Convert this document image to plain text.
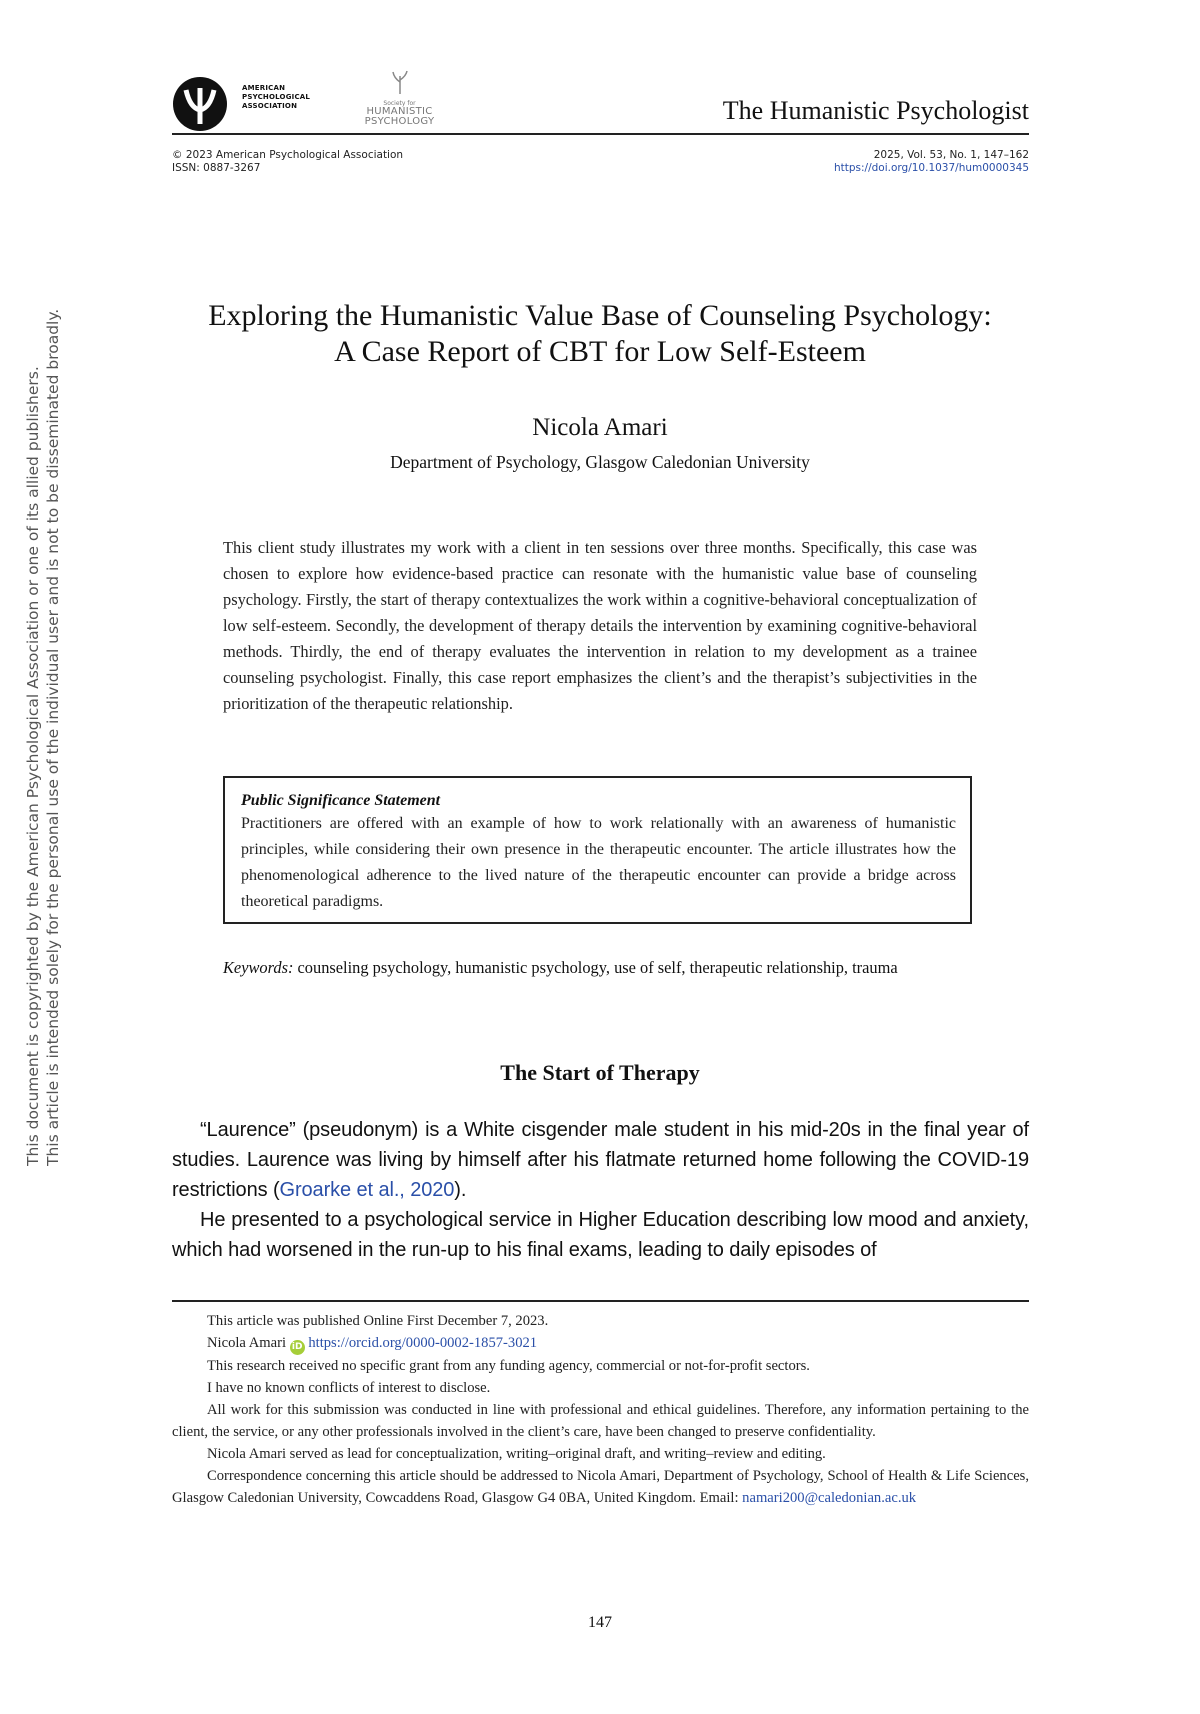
This document is copyrighted by the American Psychological Association or one of its allied publishers. This article is intended solely for the personal use of the individual user and is not to be disseminated broadly.
AMERICAN
PSYCHOLOGICAL
ASSOCIATION	Society for
HUMANISTIC
PSYCHOLOGY	The Humanistic Psychologist
© 2023 American Psychological Association
ISSN: 0887-3267
2025, Vol. 53, No. 1, 147–162
https://doi.org/10.1037/hum0000345
Exploring the Humanistic Value Base of Counseling Psychology:
A Case Report of CBT for Low Self-Esteem
Nicola Amari
Department of Psychology, Glasgow Caledonian University

This client study illustrates my work with a client in ten sessions over three months. Specifically, this case was chosen to explore how evidence-based practice can resonate with the humanistic value base of counseling psychology. Firstly, the start of therapy contextualizes the work within a cognitive-behavioral conceptualization of low self-esteem. Secondly, the development of therapy details the intervention by examining cognitive-behavioral methods. Thirdly, the end of therapy evaluates the intervention in relation to my development as a trainee counseling psychologist. Finally, this case report emphasizes the client’s and the therapist’s subjectivities in the prioritization of the therapeutic relationship.

Public Significance Statement

Practitioners are offered with an example of how to work relationally with an awareness of humanistic principles, while considering their own presence in the therapeutic encounter. The article illustrates how the phenomenological adherence to the lived nature of the therapeutic encounter can provide a bridge across theoretical paradigms.

Keywords: counseling psychology, humanistic psychology, use of self, therapeutic relationship, trauma

The Start of Therapy

“Laurence” (pseudonym) is a White cisgender male student in his mid-20s in the final year of studies. Laurence was living by himself after his flatmate returned home following the COVID-19 restrictions (Groarke et al., 2020).

He presented to a psychological service in Higher Education describing low mood and anxiety, which had worsened in the run-up to his final exams, leading to daily episodes of

This article was published Online First December 7, 2023.

Nicola Amari iD https://orcid.org/0000-0002-1857-3021

This research received no specific grant from any funding agency, commercial or not-for-profit sectors.

I have no known conflicts of interest to disclose.

All work for this submission was conducted in line with professional and ethical guidelines. Therefore, any information pertaining to the client, the service, or any other professionals involved in the client’s care, have been changed to preserve confidentiality.

Nicola Amari served as lead for conceptualization, writing–original draft, and writing–review and editing.

Correspondence concerning this article should be addressed to Nicola Amari, Department of Psychology, School of Health & Life Sciences, Glasgow Caledonian University, Cowcaddens Road, Glasgow G4 0BA, United Kingdom. Email: namari200@caledonian.ac.uk

147
